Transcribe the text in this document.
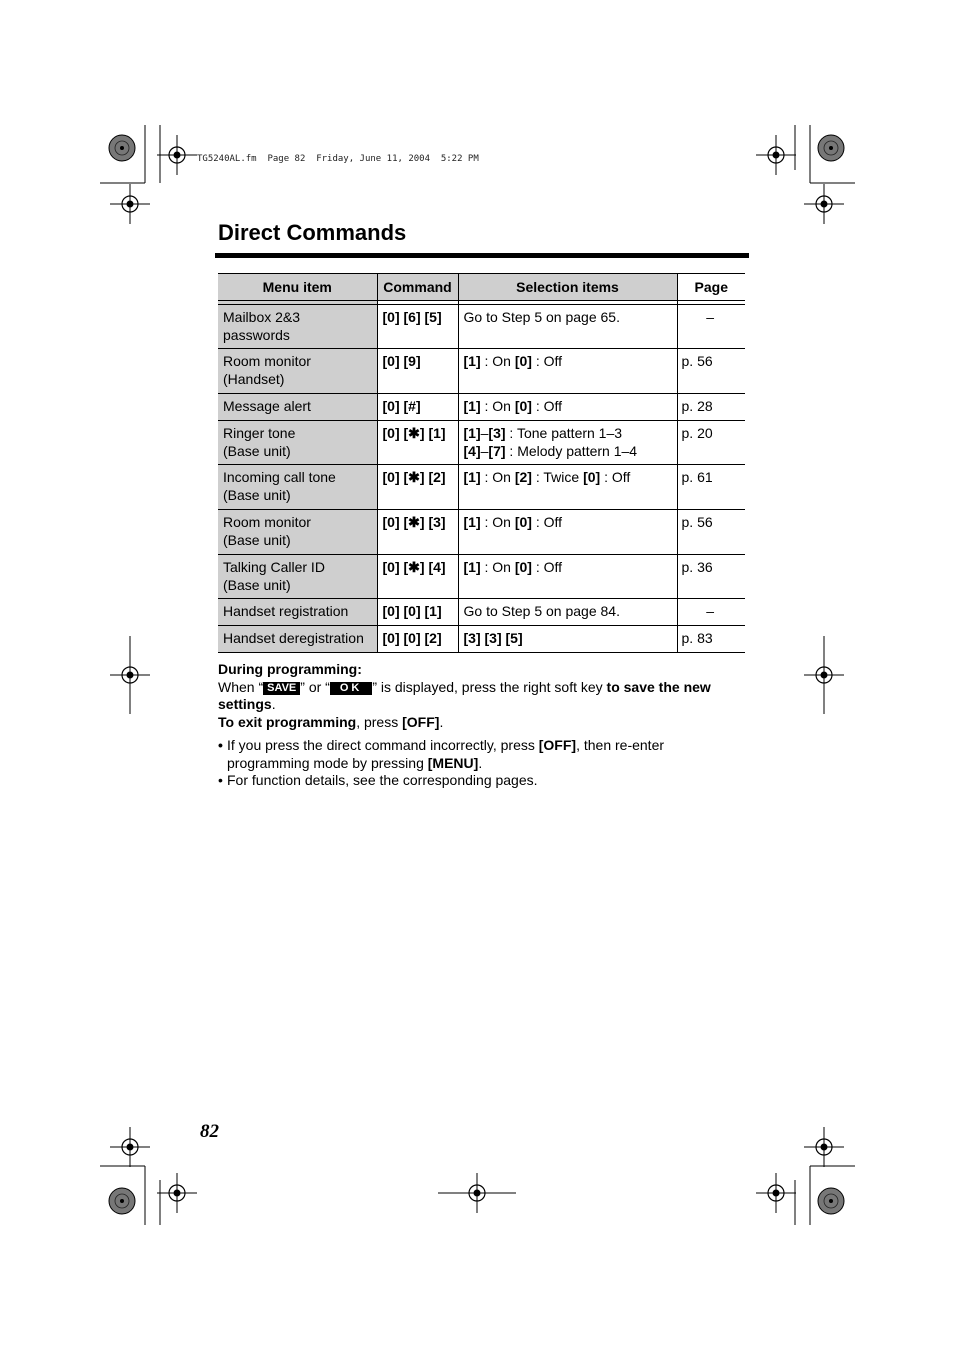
TG5240AL.fm  Page 82  Friday, June 11, 2004  5:22 PM
Direct Commands
Menu item	Command	Selection items	Page

Mailbox 2&3
passwords	[0] [6] [5]	Go to Step 5 on page 65.	–
Room monitor
(Handset)	[0] [9]	[1] : On [0] : Off	p. 56
Message alert	[0] [#]	[1] : On [0] : Off	p. 28
Ringer tone
(Base unit)	[0] [✱] [1]	[1]–[3] : Tone pattern 1–3
[4]–[7] : Melody pattern 1–4	p. 20
Incoming call tone
(Base unit)	[0] [✱] [2]	[1] : On [2] : Twice [0] : Off	p. 61
Room monitor
(Base unit)	[0] [✱] [3]	[1] : On [0] : Off	p. 56
Talking Caller ID
(Base unit)	[0] [✱] [4]	[1] : On [0] : Off	p. 36
Handset registration	[0] [0] [1]	Go to Step 5 on page 84.	–
Handset deregistration	[0] [0] [2]	[3] [3] [5]	p. 83

During programming:

When “ SAVE ” or “ OK ” is displayed, press the right soft key to save the new settings.

To exit programming, press [OFF].

• If you press the direct command incorrectly, press [OFF], then re-enter programming mode by pressing [MENU].
• For function details, see the corresponding pages.
82
